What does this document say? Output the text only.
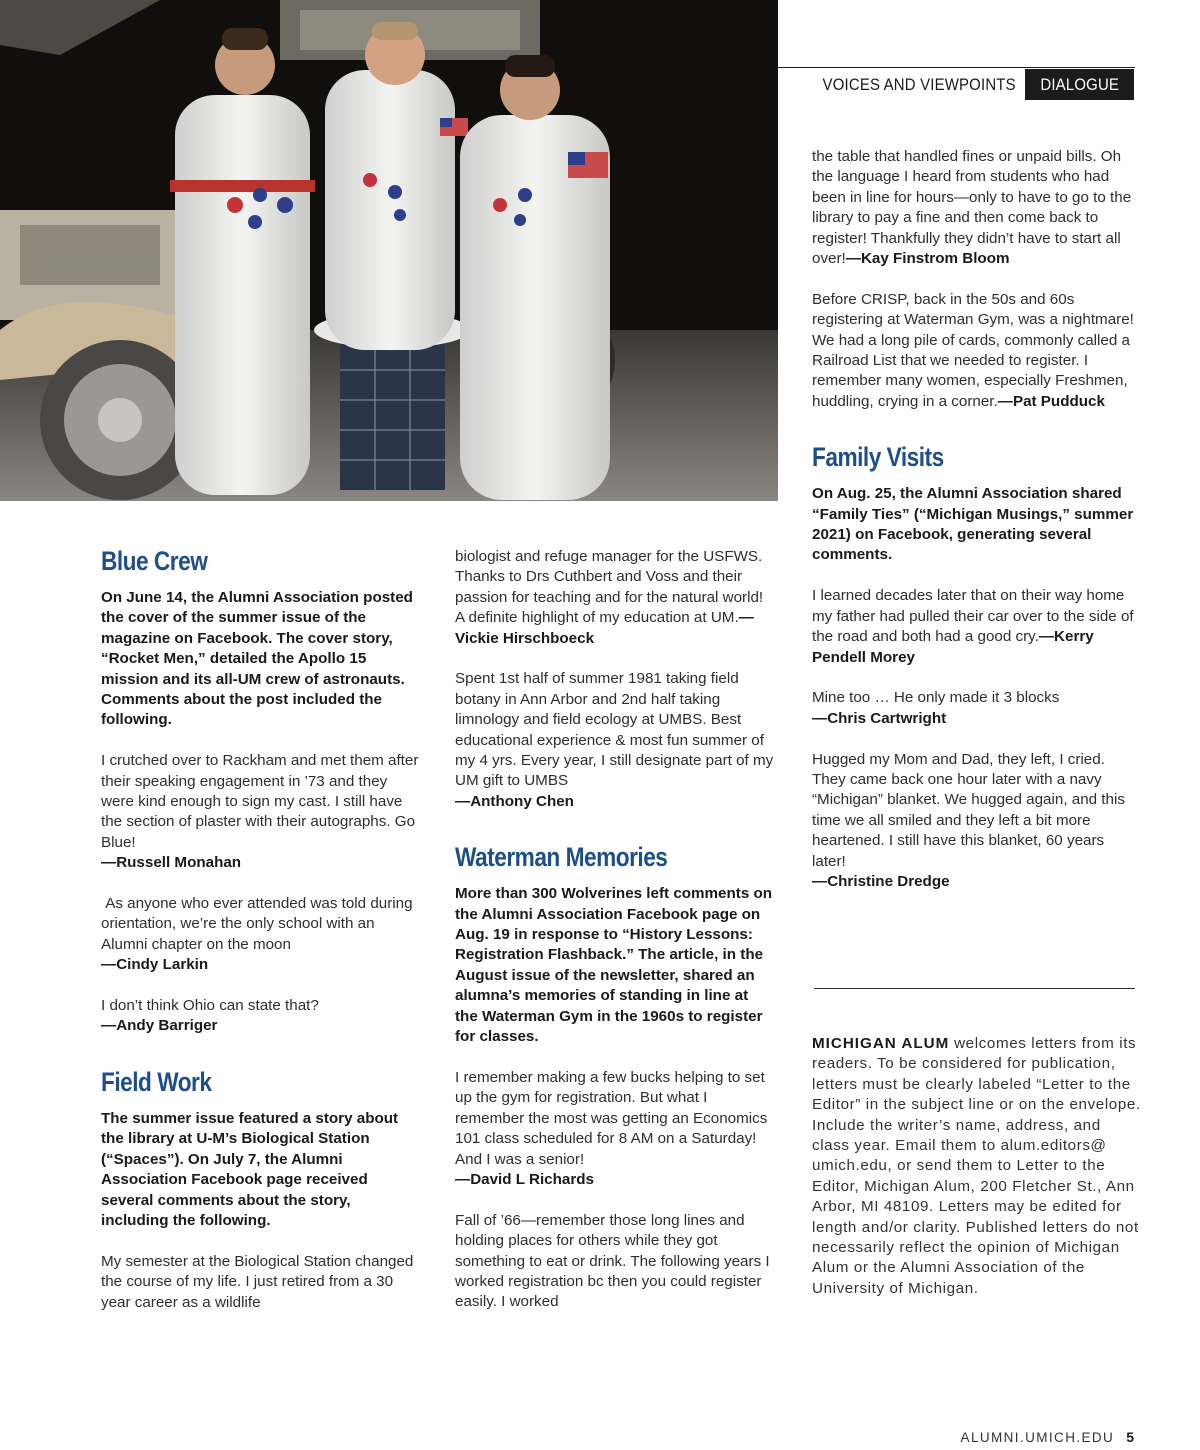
VOICES AND VIEWPOINTS	DIALOGUE
Blue Crew

On June 14, the Alumni Association posted the cover of the summer issue of the magazine on Facebook. The cover story, “Rocket Men,” detailed the Apollo 15 mission and its all-UM crew of astronauts. Comments about the post included the following.

I crutched over to Rackham and met them after their speaking engagement in ’73 and they were kind enough to sign my cast. I still have the section of plaster with their autographs. Go Blue!
—Russell Monahan

As anyone who ever attended was told during orientation, we’re the only school with an Alumni chapter on the moon
—Cindy Larkin

I don’t think Ohio can state that?
—Andy Barriger

Field Work

The summer issue featured a story about the library at U-M’s Biological Station (“Spaces”). On July 7, the Alumni Association Facebook page received several comments about the story, including the following.

My semester at the Biological Station changed the course of my life. I just retired from a 30 year career as a wildlife

biologist and refuge manager for the USFWS. Thanks to Drs Cuthbert and Voss and their passion for teaching and for the natural world! A definite highlight of my education at UM.—Vickie Hirschboeck

Spent 1st half of summer 1981 taking field botany in Ann Arbor and 2nd half taking limnology and field ecology at UMBS. Best educational experience & most fun summer of my 4 yrs. Every year, I still designate part of my UM gift to UMBS
—Anthony Chen

Waterman Memories

More than 300 Wolverines left comments on the Alumni Association Facebook page on Aug. 19 in response to “History Lessons: Registration Flashback.” The article, in the August issue of the newsletter, shared an alumna’s memories of standing in line at the Waterman Gym in the 1960s to register for classes.

I remember making a few bucks helping to set up the gym for registration. But what I remember the most was getting an Economics 101 class scheduled for 8 AM on a Saturday! And I was a senior!
—David L Richards

Fall of ’66—remember those long lines and holding places for others while they got something to eat or drink. The following years I worked registration bc then you could register easily. I worked

the table that handled fines or unpaid bills. Oh the language I heard from students who had been in line for hours—only to have to go to the library to pay a fine and then come back to register! Thankfully they didn’t have to start all over!—Kay Finstrom Bloom

Before CRISP, back in the 50s and 60s registering at Waterman Gym, was a nightmare! We had a long pile of cards, commonly called a Railroad List that we needed to register. I remember many women, especially Freshmen, huddling, crying in a corner.—Pat Pudduck

Family Visits

On Aug. 25, the Alumni Association shared “Family Ties” (“Michigan Musings,” summer 2021) on Facebook, generating several comments.

I learned decades later that on their way home my father had pulled their car over to the side of the road and both had a good cry.—Kerry Pendell Morey

Mine too … He only made it 3 blocks
—Chris Cartwright

Hugged my Mom and Dad, they left, I cried. They came back one hour later with a navy “Michigan” blanket. We hugged again, and this time we all smiled and they left a bit more heartened. I still have this blanket, 60 years later!
—Christine Dredge

MICHIGAN ALUM welcomes letters from its readers. To be considered for publication, letters must be clearly labeled “Letter to the Editor” in the subject line or on the envelope. Include the writer’s name, address, and class year. Email them to alum.editors@ umich.edu, or send them to Letter to the Editor, Michigan Alum, 200 Fletcher St., Ann Arbor, MI 48109. Letters may be edited for length and/or clarity. Published letters do not necessarily reflect the opinion of Michigan Alum or the Alumni Association of the University of Michigan.
ALUMNI.UMICH.EDU 5
